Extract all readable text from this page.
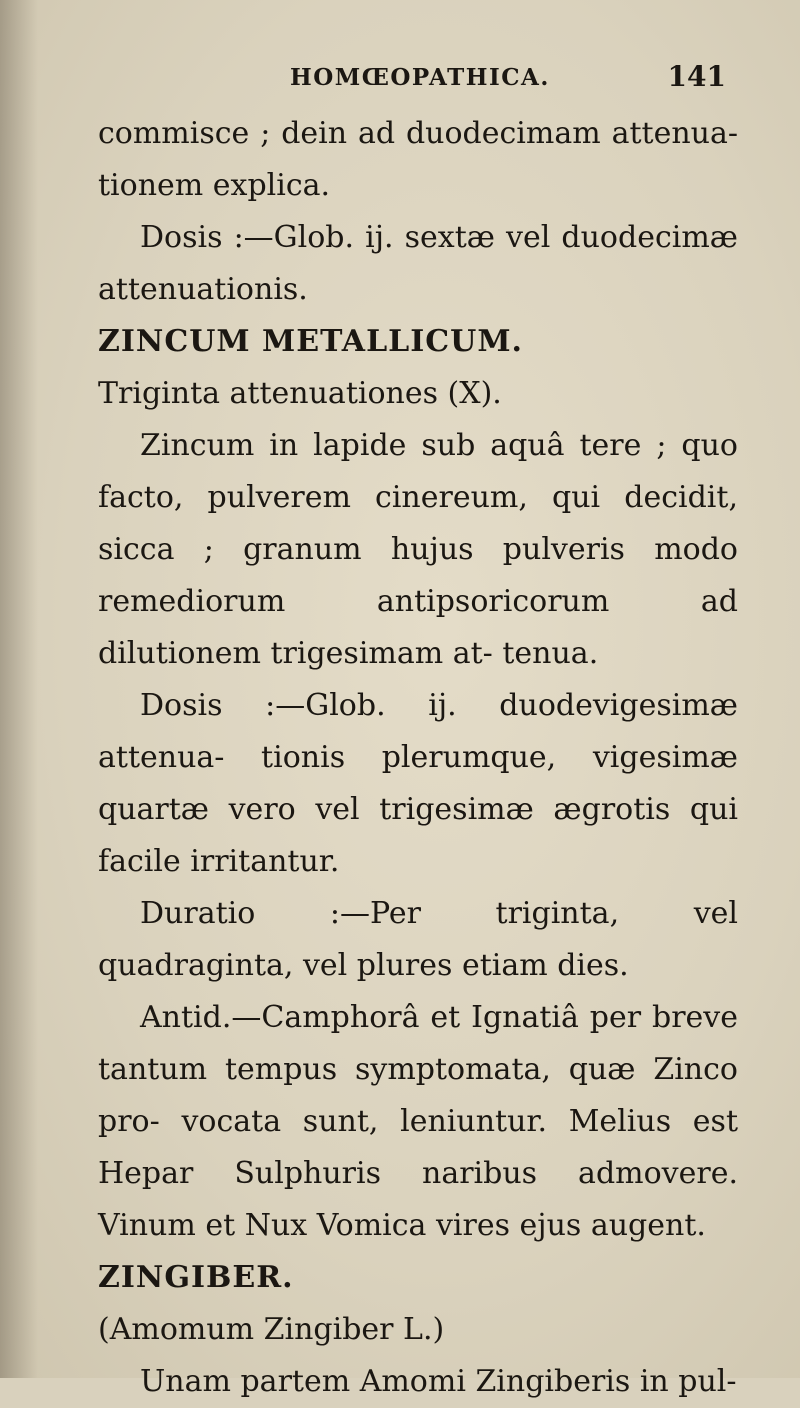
HOMŒOPATHICA.	141

commisce ; dein ad duodecimam attenua- tionem explica.

Dosis :—Glob. ij. sextæ vel duodecimæ attenuationis.

ZINCUM METALLICUM.

Triginta attenuationes (X).

Zincum in lapide sub aquâ tere ; quo facto, pulverem cinereum, qui decidit, sicca ; granum hujus pulveris modo remediorum antipsoricorum ad dilutionem trigesimam at- tenua.

Dosis :—Glob. ij. duodevigesimæ attenua- tionis plerumque, vigesimæ quartæ vero vel trigesimæ ægrotis qui facile irritantur.

Duratio :—Per triginta, vel quadraginta, vel plures etiam dies.

Antid.—Camphorâ et Ignatiâ per breve tantum tempus symptomata, quæ Zinco pro- vocata sunt, leniuntur. Melius est Hepar Sulphuris naribus admovere. Vinum et Nux Vomica vires ejus augent.

ZINGIBER.

(Amomum Zingiber L.)

Unam partem Amomi Zingiberis in pul-
